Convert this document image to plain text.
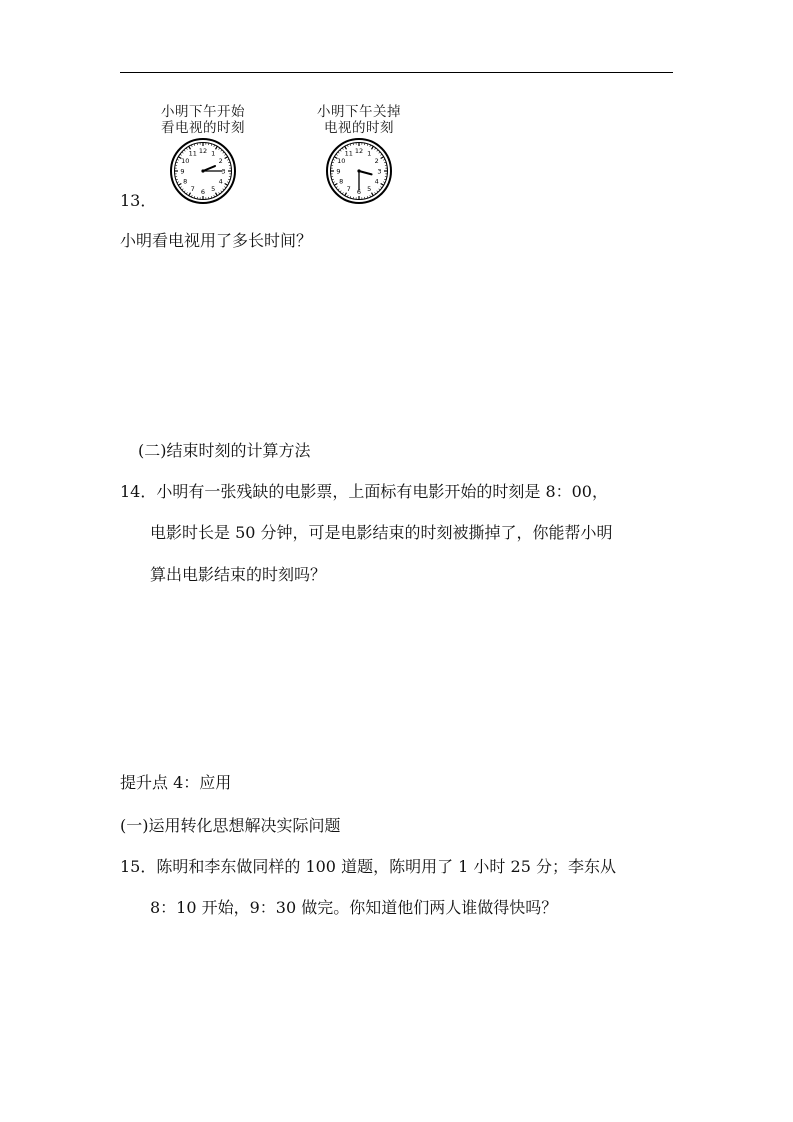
小明下午开始
看电视的时刻
12 1
2
3
4
5
6
7
8
9
10
11
小明下午关掉
电视的时刻
12 1
2
3
4
5
6
7
8
9
10
11
13．
小明看电视用了多长时间？
(二)结束时刻的计算方法
14．小明有一张残缺的电影票，上面标有电影开始的时刻是 8：00，
电影时长是 50 分钟，可是电影结束的时刻被撕掉了，你能帮小明
算出电影结束的时刻吗？
提升点 4：应用
(一)运用转化思想解决实际问题
15．陈明和李东做同样的 100 道题，陈明用了 1 小时 25 分；李东从
8：10 开始，9：30 做完。你知道他们两人谁做得快吗？
